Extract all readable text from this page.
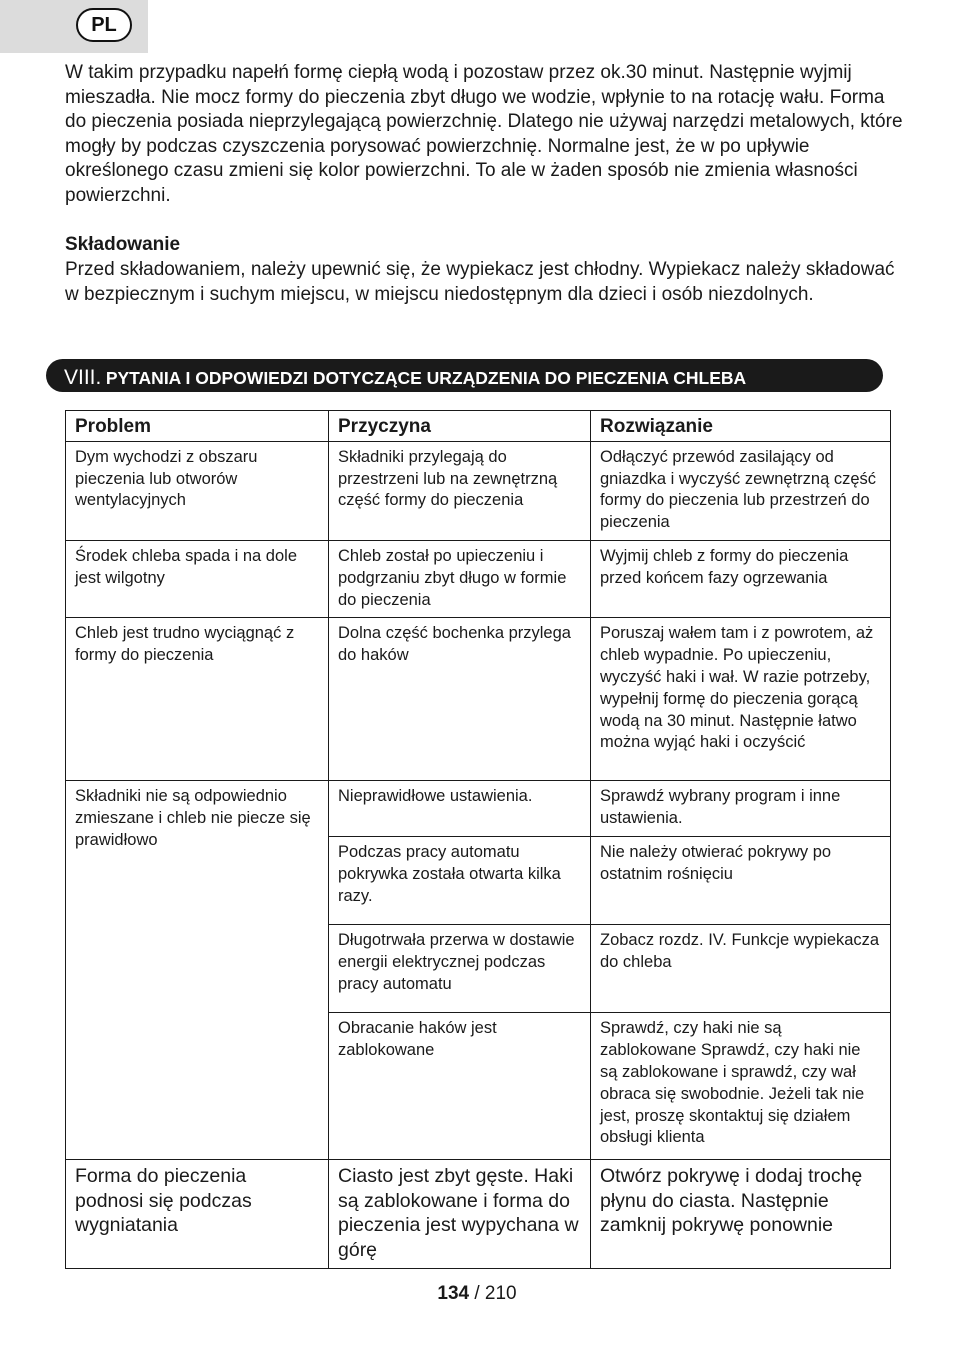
PL

W takim przypadku napełń formę ciepłą wodą i pozostaw przez ok.30 minut. Następnie wyjmij mieszadła. Nie mocz formy do pieczenia zbyt długo we wodzie, wpłynie to na rotację wału. Forma do pieczenia posiada nieprzylegającą powierzchnię. Dlatego nie używaj narzędzi metalowych, które mogły by podczas czyszczenia porysować powierzchnię. Normalne jest, że w po upływie określonego czasu zmieni się kolor powierzchni. To ale w żaden sposób nie zmienia własności powierzchni.

Składowanie

Przed składowaniem, należy upewnić się, że wypiekacz jest chłodny. Wypiekacz należy składować w bezpiecznym i suchym miejscu, w miejscu niedostępnym dla dzieci i osób niezdolnych.

VIII. PYTANIA I ODPOWIEDZI DOTYCZĄCE URZĄDZENIA DO PIECZENIA CHLEBA
Problem	Przyczyna	Rozwiązanie
Dym wychodzi z obszaru pieczenia lub otworów wentylacyjnych	Składniki przylegają do przestrzeni lub na zewnętrzną część formy do pieczenia	Odłączyć przewód zasilający od gniazdka i wyczyść zewnętrzną część formy do pieczenia lub przestrzeń do pieczenia
Środek chleba spada i na dole jest wilgotny	Chleb został po upieczeniu i podgrzaniu zbyt długo w formie do pieczenia	Wyjmij chleb z formy do pieczenia przed końcem fazy ogrzewania
Chleb jest trudno wyciągnąć z formy do pieczenia	Dolna część bochenka przylega do haków	Poruszaj wałem tam i z powrotem, aż chleb wypadnie. Po upieczeniu, wyczyść haki i wał. W razie potrzeby, wypełnij formę do pieczenia gorącą wodą na 30 minut. Następnie łatwo można wyjąć haki i oczyścić
Składniki nie są odpowiednio zmieszane i chleb nie piecze się prawidłowo	Nieprawidłowe ustawienia.	Sprawdź wybrany program i inne ustawienia.
	Podczas pracy automatu pokrywka została otwarta kilka razy.	Nie należy otwierać pokrywy po ostatnim rośnięciu
	Długotrwała przerwa w dostawie energii elektrycznej podczas pracy automatu	Zobacz rozdz. IV. Funkcje wypiekacza do chleba
	Obracanie haków jest zablokowane	Sprawdź, czy haki nie są zablokowane Sprawdź, czy haki nie są zablokowane i sprawdź, czy wał obraca się swobodnie. Jeżeli tak nie jest, proszę skontaktuj się działem obsługi klienta
Forma do pieczenia podnosi się podczas wygniatania	Ciasto jest zbyt gęste. Haki są zablokowane i forma do pieczenia jest wypychana w górę	Otwórz pokrywę i dodaj trochę płynu do ciasta. Następnie zamknij pokrywę ponownie
134 / 210
